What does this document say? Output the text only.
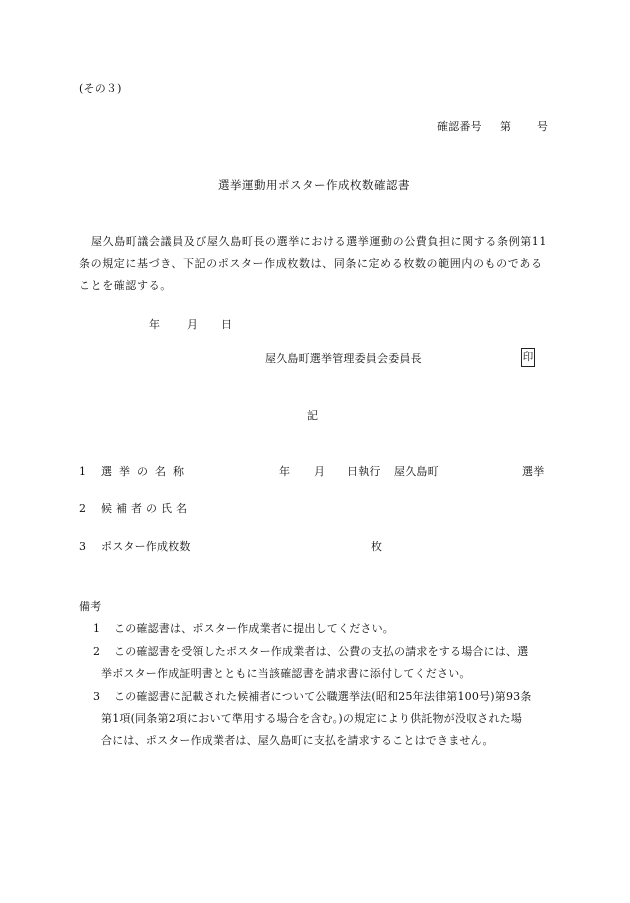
(その３)
確認番号 第 号
選挙運動用ポスター作成枚数確認書
屋久島町議会議員及び屋久島町長の選挙における選挙運動の公費負担に関する条例第11
条の規定に基づき、下記のポスター作成枚数は、同条に定める枚数の範囲内のものである
ことを確認する。
年 月 日
屋久島町選挙管理委員会委員長	印
記
1 選挙の名称	年 月 日執行 屋久島町	選挙
2 候補者の氏名
3 ポスター作成枚数	枚
備考
1 この確認書は、ポスター作成業者に提出してください。
2 この確認書を受領したポスター作成業者は、公費の支払の請求をする場合には、選
挙ポスター作成証明書とともに当該確認書を請求書に添付してください。
3 この確認書に記載された候補者について公職選挙法(昭和25年法律第100号)第93条
第1項(同条第2項において準用する場合を含む。)の規定により供託物が没収された場
合には、ポスター作成業者は、屋久島町に支払を請求することはできません。
